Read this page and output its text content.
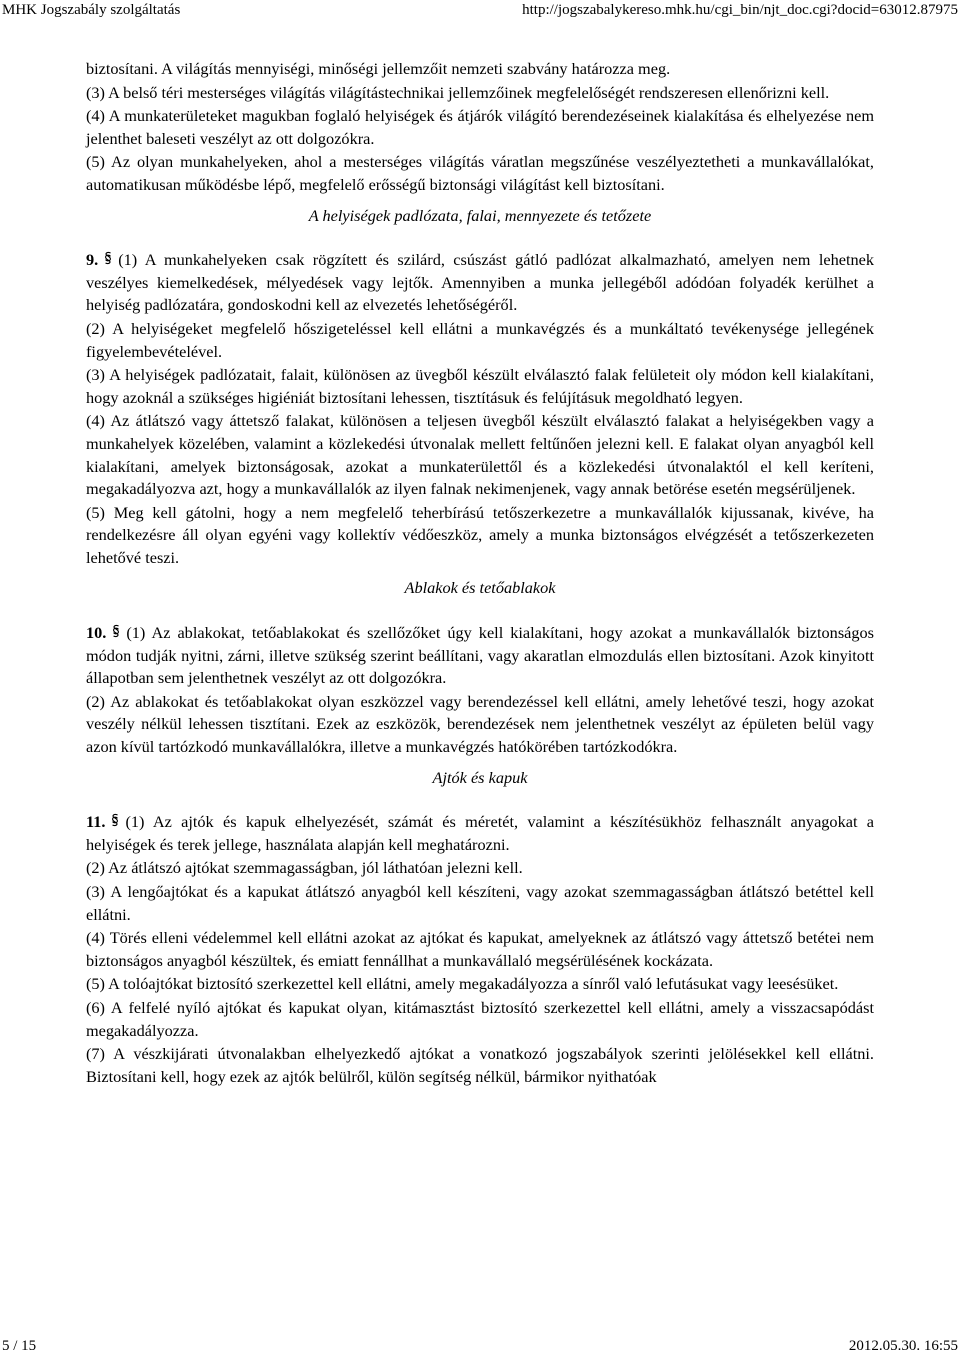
MHK Jogszabály szolgáltatás	http://jogszabalykereso.mhk.hu/cgi_bin/njt_doc.cgi?docid=63012.87975

biztosítani. A világítás mennyiségi, minőségi jellemzőit nemzeti szabvány határozza meg.

(3) A belső téri mesterséges világítás világítástechnikai jellemzőinek megfelelőségét rendszeresen ellenőrizni kell.

(4) A munkaterületeket magukban foglaló helyiségek és átjárók világító berendezéseinek kialakítása és elhelyezése nem jelenthet baleseti veszélyt az ott dolgozókra.

(5) Az olyan munkahelyeken, ahol a mesterséges világítás váratlan megszűnése veszélyeztetheti a munkavállalókat, automatikusan működésbe lépő, megfelelő erősségű biztonsági világítást kell biztosítani.

A helyiségek padlózata, falai, mennyezete és tetőzete

9. (1) A munkahelyeken csak rögzített és szilárd, csúszást gátló padlózat alkalmazható, amelyen nem lehetnek veszélyes kiemelkedések, mélyedések vagy lejtők. Amennyiben a munka jellegéből adódóan folyadék kerülhet a helyiség padlózatára, gondoskodni kell az elvezetés lehetőségéről.

(2) A helyiségeket megfelelő hőszigeteléssel kell ellátni a munkavégzés és a munkáltató tevékenysége jellegének figyelembevételével.

(3) A helyiségek padlózatait, falait, különösen az üvegből készült elválasztó falak felületeit oly módon kell kialakítani, hogy azoknál a szükséges higiéniát biztosítani lehessen, tisztításuk és felújításuk megoldható legyen.

(4) Az átlátszó vagy áttetsző falakat, különösen a teljesen üvegből készült elválasztó falakat a helyiségekben vagy a munkahelyek közelében, valamint a közlekedési útvonalak mellett feltűnően jelezni kell. E falakat olyan anyagból kell kialakítani, amelyek biztonságosak, azokat a munkaterülettől és a közlekedési útvonalaktól el kell keríteni, megakadályozva azt, hogy a munkavállalók az ilyen falnak nekimenjenek, vagy annak betörése esetén megsérüljenek.

(5) Meg kell gátolni, hogy a nem megfelelő teherbírású tetőszerkezetre a munkavállalók kijussanak, kivéve, ha rendelkezésre áll olyan egyéni vagy kollektív védőeszköz, amely a munka biztonságos elvégzését a tetőszerkezeten lehetővé teszi.

Ablakok és tetőablakok

10. (1) Az ablakokat, tetőablakokat és szellőzőket úgy kell kialakítani, hogy azokat a munkavállalók biztonságos módon tudják nyitni, zárni, illetve szükség szerint beállítani, vagy akaratlan elmozdulás ellen biztosítani. Azok kinyitott állapotban sem jelenthetnek veszélyt az ott dolgozókra.

(2) Az ablakokat és tetőablakokat olyan eszközzel vagy berendezéssel kell ellátni, amely lehetővé teszi, hogy azokat veszély nélkül lehessen tisztítani. Ezek az eszközök, berendezések nem jelenthetnek veszélyt az épületen belül vagy azon kívül tartózkodó munkavállalókra, illetve a munkavégzés hatókörében tartózkodókra.

Ajtók és kapuk

11. (1) Az ajtók és kapuk elhelyezését, számát és méretét, valamint a készítésükhöz felhasznált anyagokat a helyiségek és terek jellege, használata alapján kell meghatározni.

(2) Az átlátszó ajtókat szemmagasságban, jól láthatóan jelezni kell.

(3) A lengőajtókat és a kapukat átlátszó anyagból kell készíteni, vagy azokat szemmagasságban átlátszó betéttel kell ellátni.

(4) Törés elleni védelemmel kell ellátni azokat az ajtókat és kapukat, amelyeknek az átlátszó vagy áttetsző betétei nem biztonságos anyagból készültek, és emiatt fennállhat a munkavállaló megsérülésének kockázata.

(5) A tolóajtókat biztosító szerkezettel kell ellátni, amely megakadályozza a sínről való lefutásukat vagy leesésüket.

(6) A felfelé nyíló ajtókat és kapukat olyan, kitámasztást biztosító szerkezettel kell ellátni, amely a visszacsapódást megakadályozza.

(7) A vészkijárati útvonalakban elhelyezkedő ajtókat a vonatkozó jogszabályok szerinti jelölésekkel kell ellátni. Biztosítani kell, hogy ezek az ajtók belülről, külön segítség nélkül, bármikor nyithatóak

5 / 15	2012.05.30. 16:55
